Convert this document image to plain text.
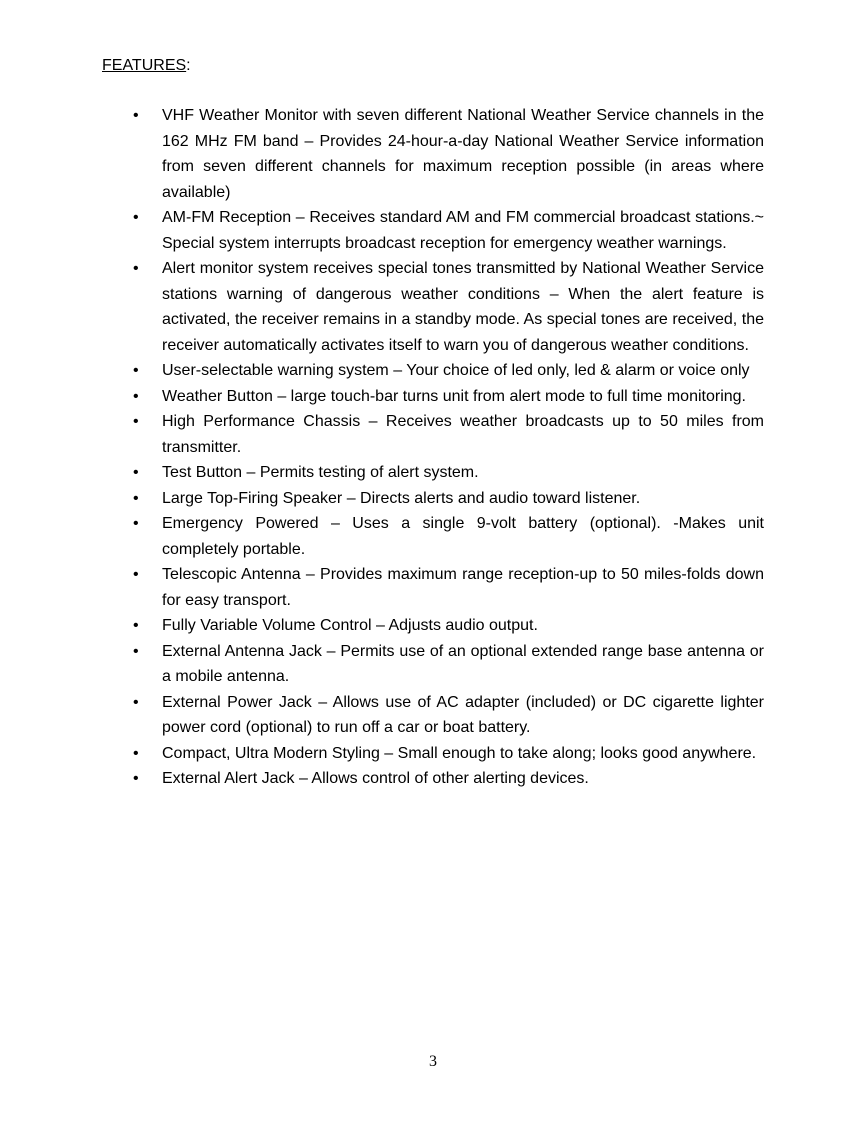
FEATURES:
• VHF Weather Monitor with seven different National Weather Service channels in the 162 MHz FM band – Provides 24-hour-a-day National Weather Service information from seven different channels for maximum reception possible (in areas where available)
• AM-FM Reception – Receives standard AM and FM commercial broadcast stations.~ Special system interrupts broadcast reception for emergency weather warnings.
• Alert monitor system receives special tones transmitted by National Weather Service stations warning of dangerous weather conditions – When the alert feature is activated, the receiver remains in a standby mode. As special tones are received, the receiver automatically activates itself to warn you of dangerous weather conditions.
• User-selectable warning system – Your choice of led only, led & alarm or voice only
• Weather Button – large touch-bar turns unit from alert mode to full time monitoring.
• High Performance Chassis – Receives weather broadcasts up to 50 miles from transmitter.
• Test Button – Permits testing of alert system.
• Large Top-Firing Speaker – Directs alerts and audio toward listener.
• Emergency Powered – Uses a single 9-volt battery (optional). -Makes unit completely portable.
• Telescopic Antenna – Provides maximum range reception-up to 50 miles-folds down for easy transport.
• Fully Variable Volume Control – Adjusts audio output.
• External Antenna Jack – Permits use of an optional extended range base antenna or a mobile antenna.
• External Power Jack – Allows use of AC adapter (included) or DC cigarette lighter power cord (optional) to run off a car or boat battery.
• Compact, Ultra Modern Styling – Small enough to take along; looks good anywhere.
• External Alert Jack – Allows control of other alerting devices.
3
